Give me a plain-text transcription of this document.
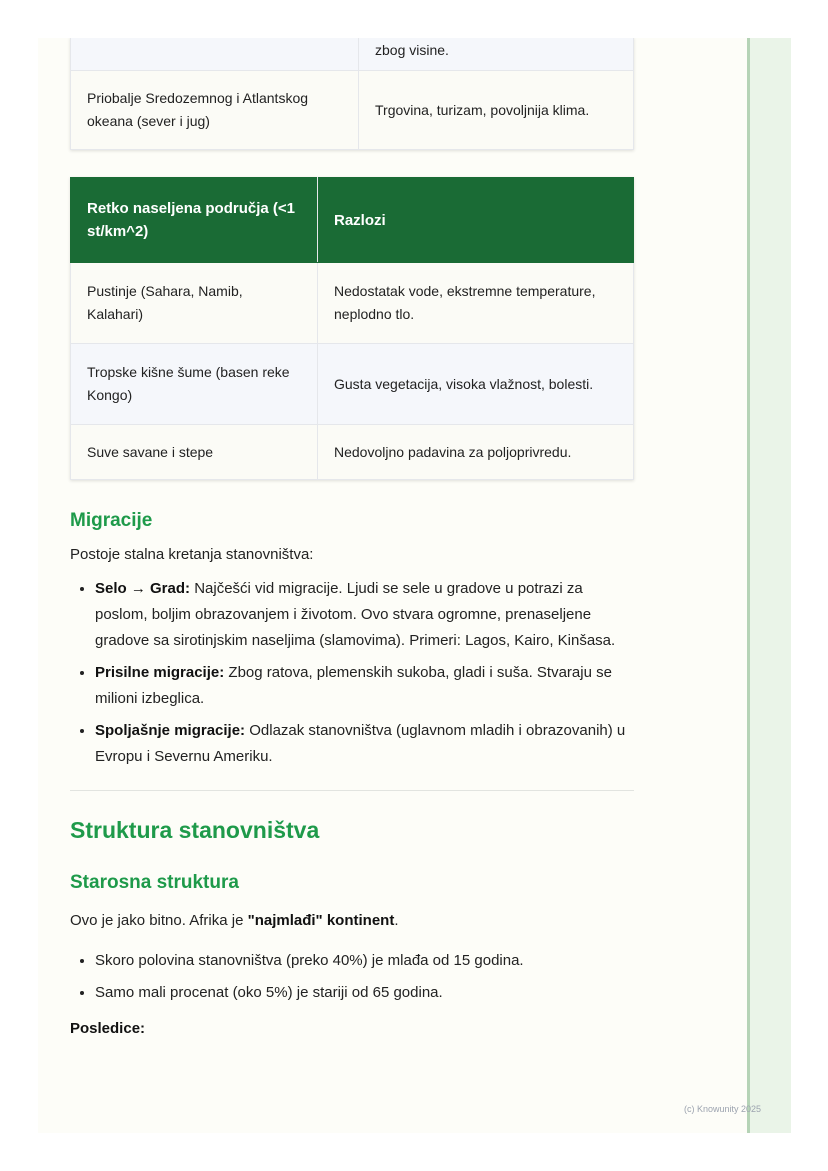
	zbog visine.
Priobalje Sredozemnog i Atlantskog okeana (sever i jug)	Trgovina, turizam, povoljnija klima.
Retko naseljena područja (<1 st/km^2)	Razlozi
Pustinje (Sahara, Namib, Kalahari)	Nedostatak vode, ekstremne temperature, neplodno tlo.
Tropske kišne šume (basen reke Kongo)	Gusta vegetacija, visoka vlažnost, bolesti.
Suve savane i stepe	Nedovoljno padavina za poljoprivredu.
Migracije

Postoje stalna kretanja stanovništva:

• Selo → Grad: Najčešći vid migracije. Ljudi se sele u gradove u potrazi za poslom, boljim obrazovanjem i životom. Ovo stvara ogromne, prenaseljene gradove sa sirotinjskim naseljima (slamovima). Primeri: Lagos, Kairo, Kinšasa.
• Prisilne migracije: Zbog ratova, plemenskih sukoba, gladi i suša. Stvaraju se milioni izbeglica.
• Spoljašnje migracije: Odlazak stanovništva (uglavnom mladih i obrazovanih) u Evropu i Severnu Ameriku.
Struktura stanovništva
Starosna struktura

Ovo je jako bitno. Afrika je "najmlađi" kontinent.

• Skoro polovina stanovništva (preko 40%) je mlađa od 15 godina.
• Samo mali procenat (oko 5%) je stariji od 65 godina.

Posledice:

(c) Knowunity 2025
